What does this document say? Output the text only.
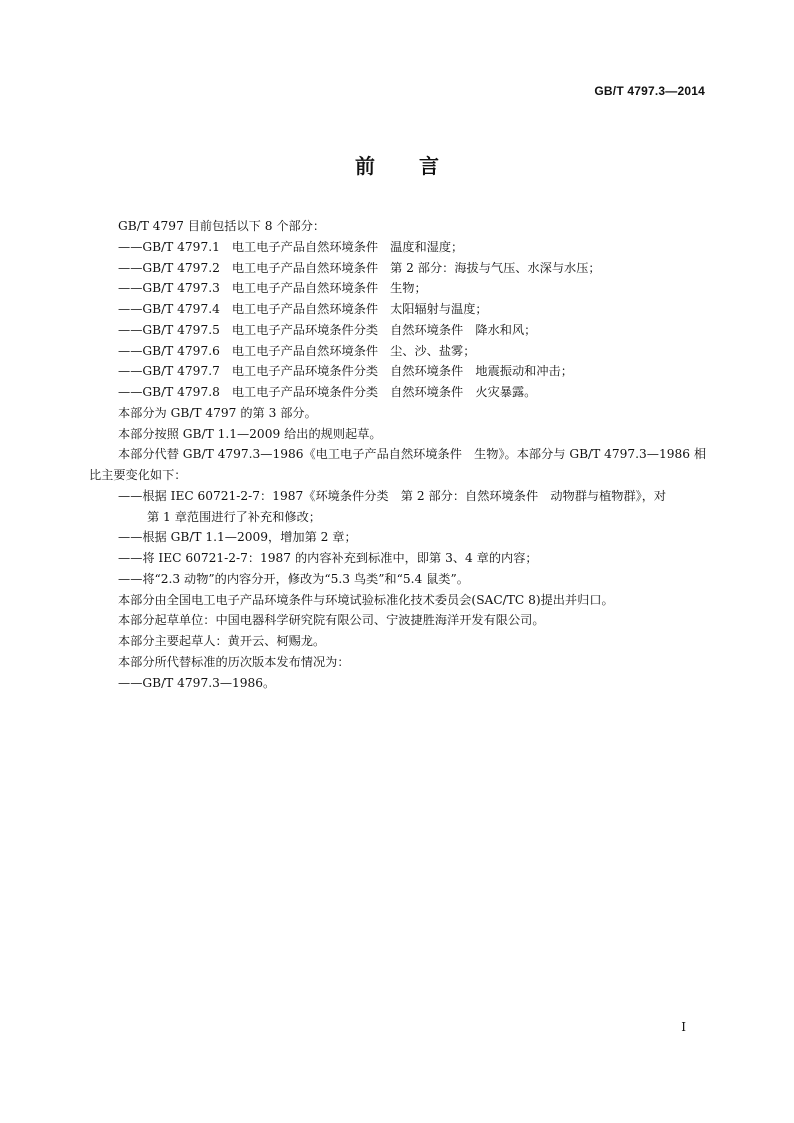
GB/T 4797.3—2014
前言
GB/T 4797 目前包括以下 8 个部分：
——GB/T 4797.1 电工电子产品自然环境条件 温度和湿度；
——GB/T 4797.2 电工电子产品自然环境条件 第 2 部分：海拔与气压、水深与水压；
——GB/T 4797.3 电工电子产品自然环境条件 生物；
——GB/T 4797.4 电工电子产品自然环境条件 太阳辐射与温度；
——GB/T 4797.5 电工电子产品环境条件分类 自然环境条件　降水和风；
——GB/T 4797.6 电工电子产品自然环境条件 尘、沙、盐雾；
——GB/T 4797.7 电工电子产品环境条件分类 自然环境条件　地震振动和冲击；
——GB/T 4797.8 电工电子产品环境条件分类 自然环境条件　火灾暴露。
本部分为 GB/T 4797 的第 3 部分。
本部分按照 GB/T 1.1—2009 给出的规则起草。
本部分代替 GB/T 4797.3—1986《电工电子产品自然环境条件　生物》。本部分与 GB/T 4797.3—1986 相比主要变化如下：
——根据 IEC 60721-2-7：1987《环境条件分类　第 2 部分：自然环境条件　动物群与植物群》，对
第 1 章范围进行了补充和修改；
——根据 GB/T 1.1—2009，增加第 2 章；
——将 IEC 60721-2-7：1987 的内容补充到标准中，即第 3、4 章的内容；
——将“2.3 动物”的内容分开，修改为“5.3 鸟类”和“5.4 鼠类”。
本部分由全国电工电子产品环境条件与环境试验标准化技术委员会(SAC/TC 8)提出并归口。
本部分起草单位：中国电器科学研究院有限公司、宁波捷胜海洋开发有限公司。
本部分主要起草人：黄开云、柯赐龙。
本部分所代替标准的历次版本发布情况为：
——GB/T 4797.3—1986。
Ⅰ
